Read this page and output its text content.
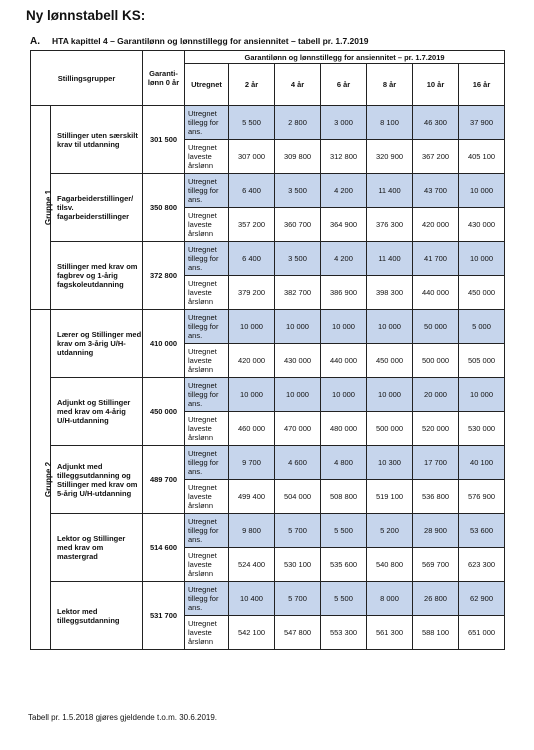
Ny lønnstabell KS:
A. HTA kapittel 4 – Garantilønn og lønnstillegg for ansiennitet – tabell pr. 1.7.2019
Stillingsgrupper		Garanti-lønn 0 år	Garantilønn og lønnstillegg for ansiennitet – pr. 1.7.2019						
			Utregnet	2 år	4 år	6 år	8 år	10 år	16 år
Gruppe 1	Stillinger uten særskilt krav til utdanning	301 500	Utregnet tillegg for ans.	5 500	2 800	3 000	8 100	46 300	37 900
			Utregnet laveste årslønn	307 000	309 800	312 800	320 900	367 200	405 100
	Fagarbeiderstillinger/ tilsv. fagarbeiderstillinger	350 800	Utregnet tillegg for ans.	6 400	3 500	4 200	11 400	43 700	10 000
			Utregnet laveste årslønn	357 200	360 700	364 900	376 300	420 000	430 000
	Stillinger med krav om fagbrev og 1-årig fagskoleutdanning	372 800	Utregnet tillegg for ans.	6 400	3 500	4 200	11 400	41 700	10 000
			Utregnet laveste årslønn	379 200	382 700	386 900	398 300	440 000	450 000
Gruppe 2	Lærer og Stillinger med krav om 3-årig U/H-utdanning	410 000	Utregnet tillegg for ans.	10 000	10 000	10 000	10 000	50 000	5 000
			Utregnet laveste årslønn	420 000	430 000	440 000	450 000	500 000	505 000
	Adjunkt og Stillinger med krav om 4-årig U/H-utdanning	450 000	Utregnet tillegg for ans.	10 000	10 000	10 000	10 000	20 000	10 000
			Utregnet laveste årslønn	460 000	470 000	480 000	500 000	520 000	530 000
	Adjunkt med tilleggsutdanning og Stillinger med krav om 5-årig U/H-utdanning	489 700	Utregnet tillegg for ans.	9 700	4 600	4 800	10 300	17 700	40 100
			Utregnet laveste årslønn	499 400	504 000	508 800	519 100	536 800	576 900
	Lektor og Stillinger med krav om mastergrad	514 600	Utregnet tillegg for ans.	9 800	5 700	5 500	5 200	28 900	53 600
			Utregnet laveste årslønn	524 400	530 100	535 600	540 800	569 700	623 300
	Lektor med tilleggsutdanning	531 700	Utregnet tillegg for ans.	10 400	5 700	5 500	8 000	26 800	62 900
			Utregnet laveste årslønn	542 100	547 800	553 300	561 300	588 100	651 000
Tabell pr. 1.5.2018 gjøres gjeldende t.o.m. 30.6.2019.
